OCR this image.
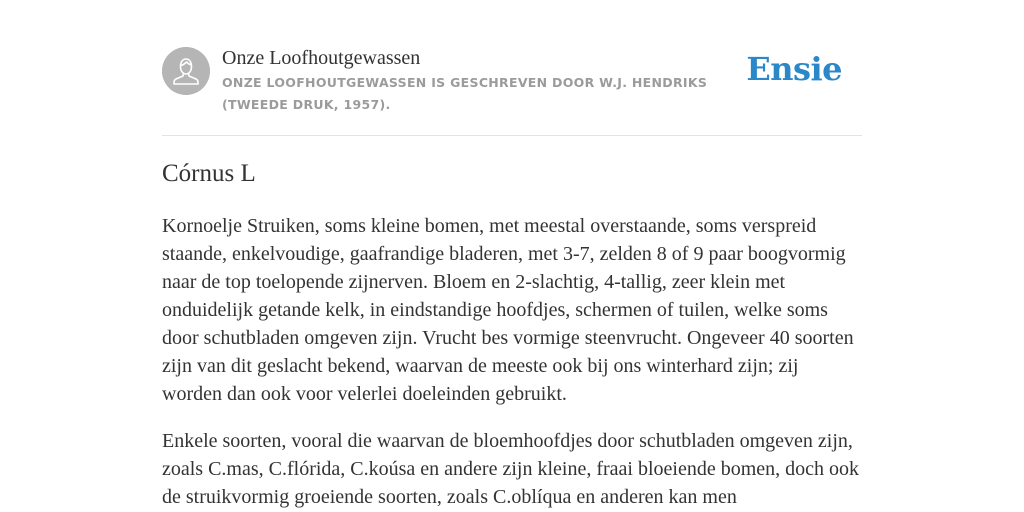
Onze Loofhoutgewassen
ONZE LOOFHOUTGEWASSEN IS GESCHREVEN DOOR W.J. HENDRIKS (TWEEDE DRUK, 1957).
Ensie
Córnus L

Kornoelje Struiken, soms kleine bomen, met meestal overstaande, soms verspreid staande, enkelvoudige, gaafrandige bladeren, met 3-7, zelden 8 of 9 paar boogvormig naar de top toelopende zijnerven. Bloem en 2-slachtig, 4-tallig, zeer klein met onduidelijk getande kelk, in eindstandige hoofdjes, schermen of tuilen, welke soms door schutbladen omgeven zijn. Vrucht bes vormige steenvrucht. Ongeveer 40 soorten zijn van dit geslacht bekend, waarvan de meeste ook bij ons winterhard zijn; zij worden dan ook voor velerlei doeleinden gebruikt.

Enkele soorten, vooral die waarvan de bloemhoofdjes door schutbladen omgeven zijn, zoals C.mas, C.flórida, C.koúsa en andere zijn kleine, fraai bloeiende bomen, doch ook de struikvormig groeiende soorten, zoals C.oblíqua en anderen kan men
